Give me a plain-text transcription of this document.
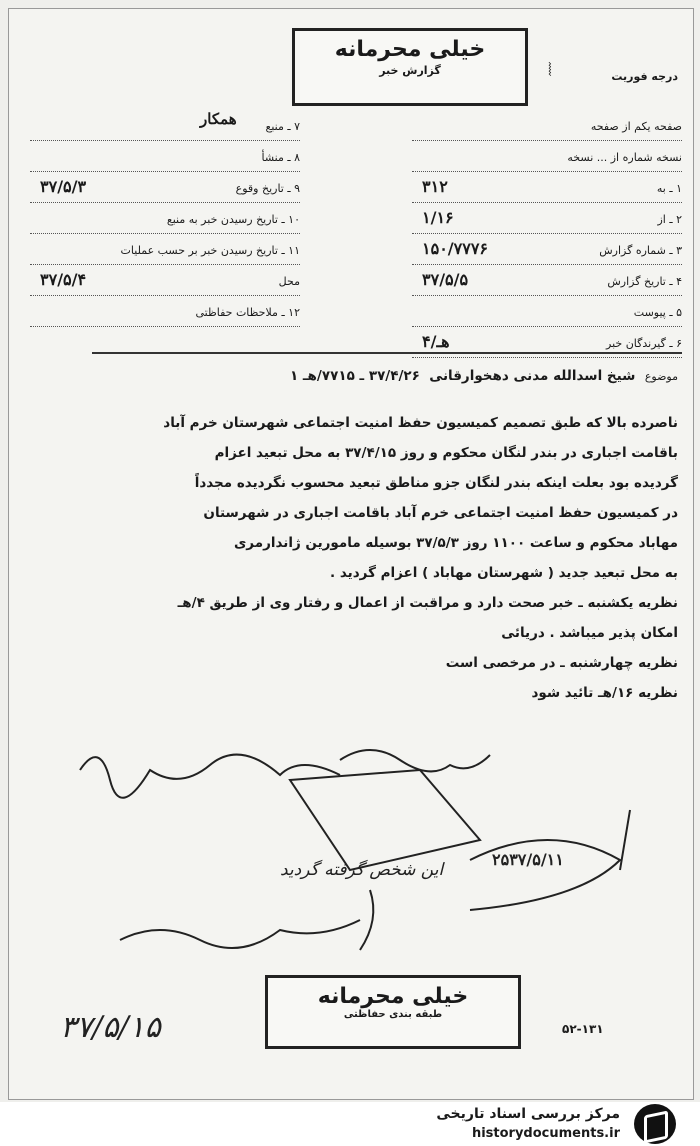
خیلی محرمانه
گزارش خبر	درجه فوریت
⦚
همکار	۷ ـ منبع
۸ ـ منشأ
۹ ـ تاریخ وقوع
۳۷/۵/۳
۱۰ ـ تاریخ رسیدن خبر به منبع
۱۱ ـ تاریخ رسیدن خبر بر حسب عملیات
محل
۳۷/۵/۴
۱۲ ـ ملاحظات حفاظتی
صفحه یکم از صفحه
نسخه شماره از ... نسخه
۱ ـ به
۳۱۲
۲ ـ از
۱/۱۶
۳ ـ شماره گزارش
۱۵۰/۷۷۷۶
۴ ـ تاریخ گزارش
۳۷/۵/۵
۵ ـ پیوست
۶ ـ گیرندگان خبر
۴/هـ
موضوع  شیخ اسدالله مدنی دهخوارقانی  ۳۷/۴/۲۶ ـ ۷۷۱۵/هـ ۱
ناصرده بالا که طبق تصمیم کمیسیون حفظ امنیت اجتماعی شهرستان خرم آباد
باقامت اجباری در بندر لنگان محکوم و روز ۳۷/۴/۱۵ به محل تبعید اعزام
گردیده بود بعلت اینکه بندر لنگان جزو مناطق تبعید محسوب نگردیده مجدداً
در کمیسیون حفظ امنیت اجتماعی خرم آباد باقامت اجباری در شهرستان
مهاباد محکوم و ساعت ۱۱۰۰ روز ۳۷/۵/۳ بوسیله مامورین ژاندارمری
به محل تبعید جدید ( شهرستان مهاباد ) اعزام گردید .
نظریه یکشنبه ـ خبر صحت دارد و مراقبت از اعمال و رفتار وی از طریق ۴/هـ
امکان پذیر میباشد . دریائی
نظریه چهارشنبه ـ در مرخصی است
نظریه ۱۶/هـ تائید شود
این شخص گرفته گردید
۲۵۳۷/۵/۱۱
۳۷/۵/۱۵
خیلی محرمانه
طبقه بندی حفاظتی
۵۲-۱۳۱
مرکز بررسی اسناد تاریخی
historydocuments.ir
